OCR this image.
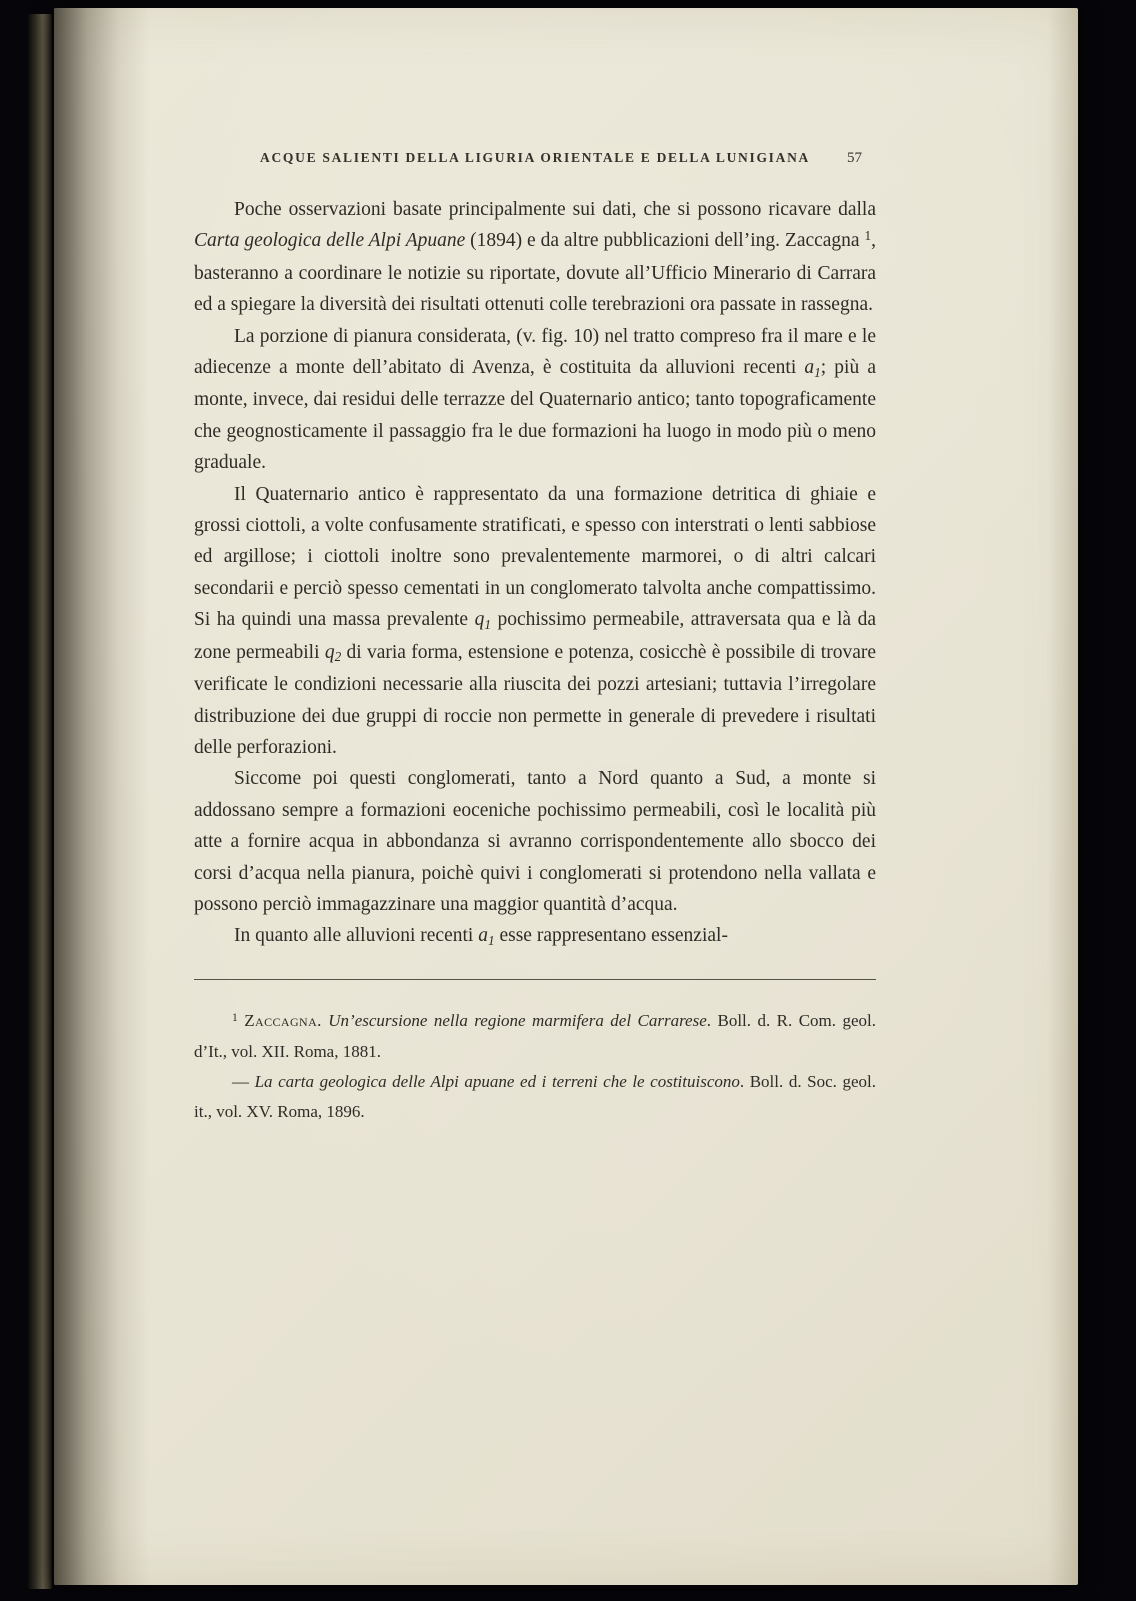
ACQUE SALIENTI DELLA LIGURIA ORIENTALE E DELLA LUNIGIANA	57

Poche osservazioni basate principalmente sui dati, che si possono ricavare dalla Carta geologica delle Alpi Apuane (1894) e da altre pubblicazioni dell’ing. Zaccagna $^1$, basteranno a coordinare le notizie su riportate, dovute all’Ufficio Minerario di Carrara ed a spiegare la diversità dei risultati ottenuti colle terebrazioni ora passate in rassegna.

La porzione di pianura considerata, (v. fig. 10) nel tratto compreso fra il mare e le adiecenze a monte dell’abitato di Avenza, è costituita da alluvioni recenti a1; più a monte, invece, dai residui delle terrazze del Quaternario antico; tanto topograficamente che geognosticamente il passaggio fra le due formazioni ha luogo in modo più o meno graduale.

Il Quaternario antico è rappresentato da una formazione detritica di ghiaie e grossi ciottoli, a volte confusamente stratificati, e spesso con interstrati o lenti sabbiose ed argillose; i ciottoli inoltre sono prevalentemente marmorei, o di altri calcari secondarii e perciò spesso cementati in un conglomerato talvolta anche compattissimo. Si ha quindi una massa prevalente q1 pochissimo permeabile, attraversata qua e là da zone permeabili q2 di varia forma, estensione e potenza, cosicchè è possibile di trovare verificate le condizioni necessarie alla riuscita dei pozzi artesiani; tuttavia l’irregolare distribuzione dei due gruppi di roccie non permette in generale di prevedere i risultati delle perforazioni.

Siccome poi questi conglomerati, tanto a Nord quanto a Sud, a monte si addossano sempre a formazioni eoceniche pochissimo permeabili, così le località più atte a fornire acqua in abbondanza si avranno corrispondentemente allo sbocco dei corsi d’acqua nella pianura, poichè quivi i conglomerati si protendono nella vallata e possono perciò immagazzinare una maggior quantità d’acqua.

In quanto alle alluvioni recenti a1 esse rappresentano essenzial-

$^1$ Zaccagna. Un’escursione nella regione marmifera del Carrarese. Boll. d. R. Com. geol. d’It., vol. XII. Roma, 1881.

— La carta geologica delle Alpi apuane ed i terreni che le costituiscono. Boll. d. Soc. geol. it., vol. XV. Roma, 1896.
